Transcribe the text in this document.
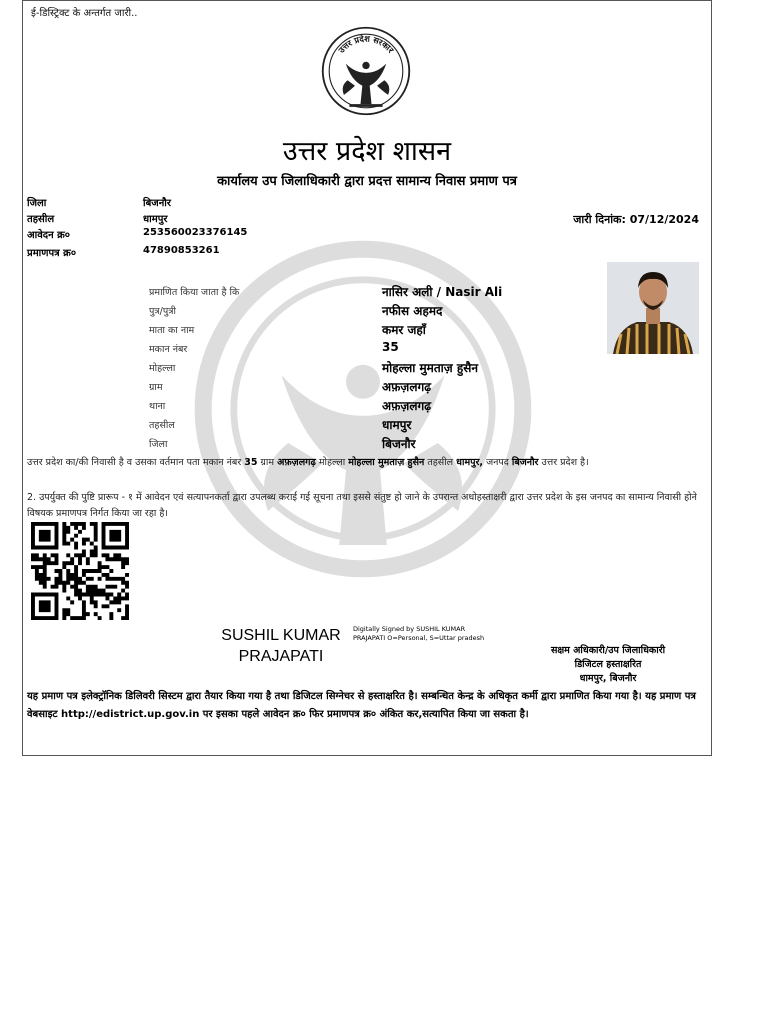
ई-डिस्ट्रिक्ट के अन्तर्गत जारी..
उत्तर प्रदेश सरकार
उत्तर प्रदेश शासन
कार्यालय उप जिलाधिकारी द्वारा प्रदत्त सामान्य निवास प्रमाण पत्र
जिला	बिजनौर
तहसील	धामपुर
आवेदन क्र०	253560023376145
प्रमाणपत्र क्र०	47890853261
जारी दिनांक: 07/12/2024
प्रमाणित किया जाता है कि	नासिर अली / Nasir Ali
पुत्र/पुत्री	नफीस अहमद
माता का नाम	कमर जहाँ
मकान नंबर	35
मोहल्ला	मोहल्ला मुमताज़ हुसैन
ग्राम	अफ़ज़लगढ़
थाना	अफ़ज़लगढ़
तहसील	धामपुर
जिला	बिजनौर
उत्तर प्रदेश का/की निवासी है व उसका वर्तमान पता मकान नंबर 35 ग्राम अफ़ज़लगढ़ मोहल्ला मोहल्ला मुमताज़ हुसैन तहसील धामपुर, जनपद बिजनौर उत्तर प्रदेश है।
2. उपर्युक्त की पुष्टि प्रारूप - १ में आवेदन एवं सत्यापनकर्ता द्वारा उपलब्ध कराई गई सूचना तथा इससे संतुष्ट हो जाने के उपरान्त अधोहस्ताक्षरी द्वारा उत्तर प्रदेश के इस जनपद का सामान्य निवासी होने विषयक प्रमाणपत्र निर्गत किया जा रहा है।
SUSHIL KUMAR
PRAJAPATI
Digitally Signed by SUSHIL KUMAR
PRAJAPATI O=Personal, S=Uttar pradesh
सक्षम अधिकारी/उप जिलाधिकारी
डिजिटल हस्ताक्षरित
धामपुर, बिजनौर
यह प्रमाण पत्र इलेक्ट्रॉनिक डिलिवरी सिस्टम द्वारा तैयार किया गया है तथा डिजिटल सिग्नेचर से हस्ताक्षरित है। सम्बन्धित केन्द्र के अधिकृत कर्मी द्वारा प्रमाणित किया गया है। यह प्रमाण पत्र वेबसाइट http://edistrict.up.gov.in पर इसका पहले आवेदन क्र० फिर प्रमाणपत्र क्र० अंकित कर,सत्यापित किया जा सकता है।
